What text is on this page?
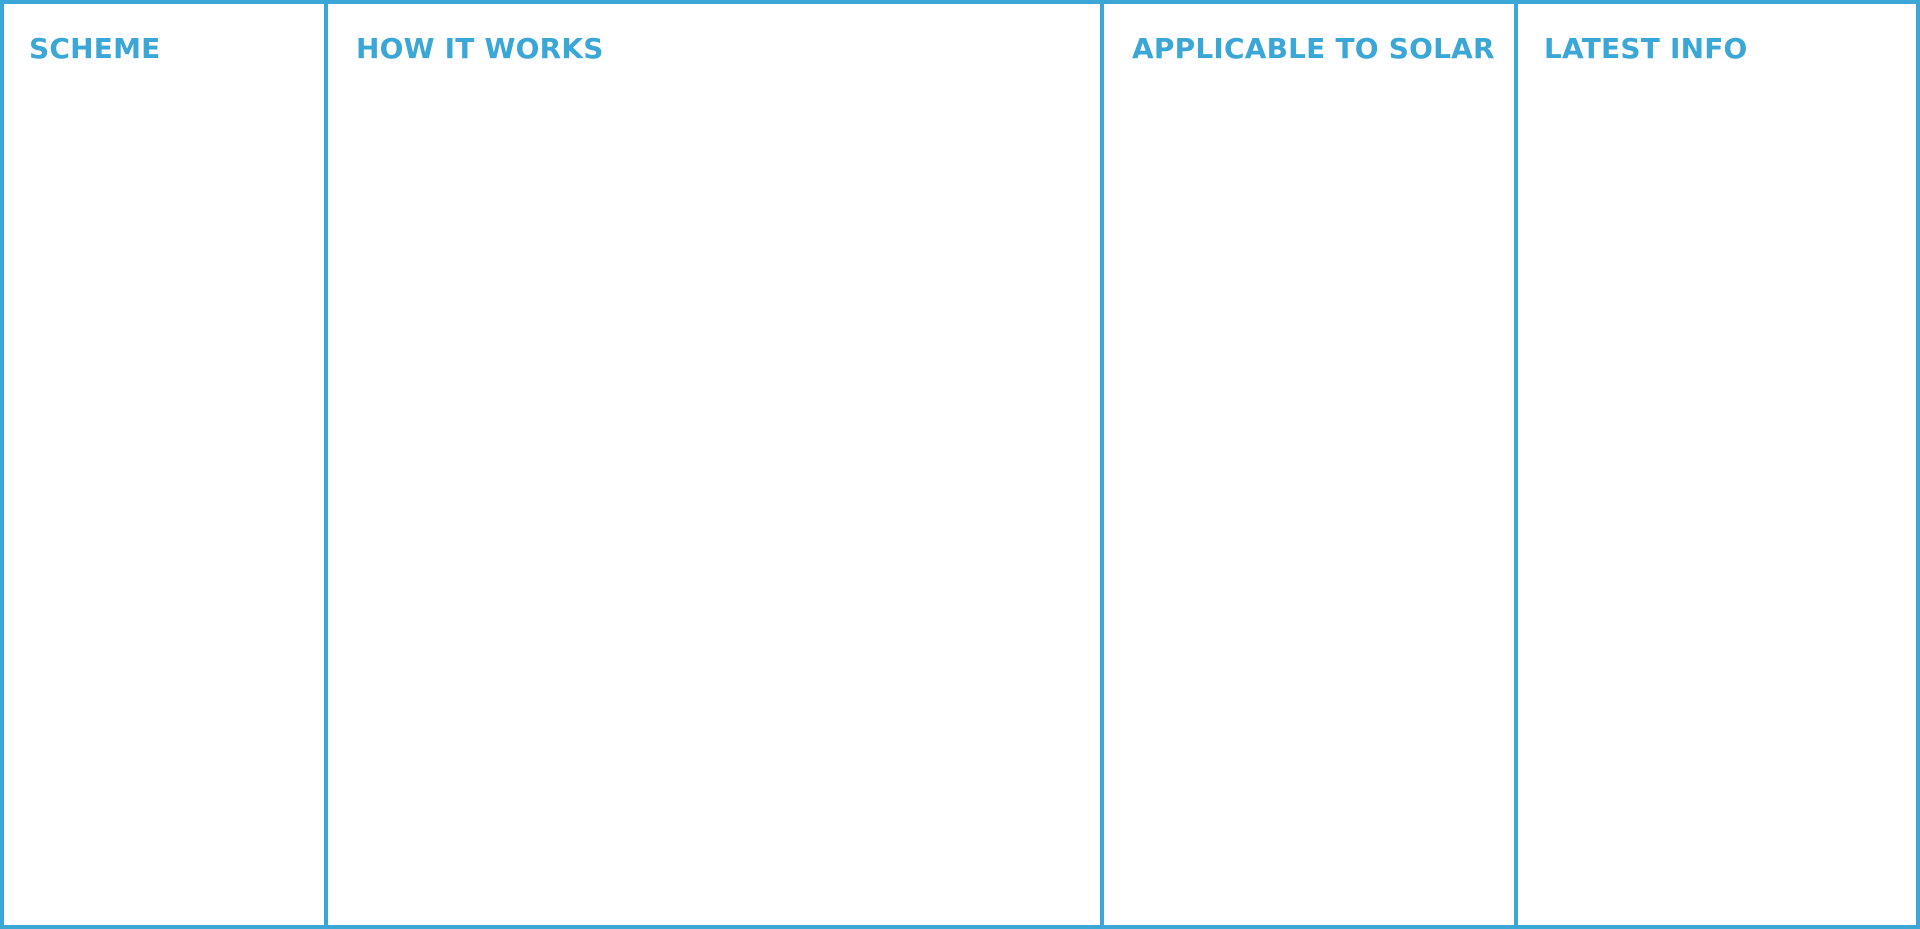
SCHEME	HOW IT WORKS	APPLICABLE TO SOLAR LATEST INFO
